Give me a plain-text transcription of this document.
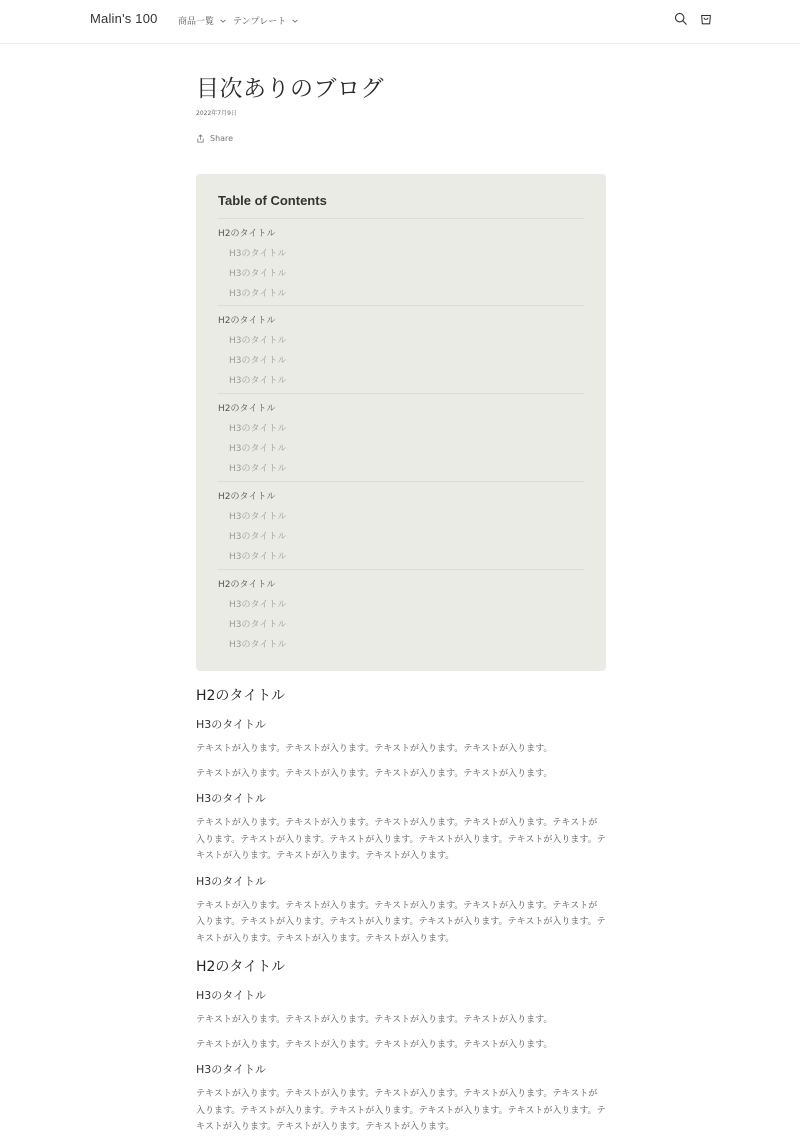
Malin's 100 商品一覧 テンプレート
目次ありのブログ
2022年7月9日
Share
Table of Contents
H2のタイトル
H3のタイトル
H3のタイトル
H3のタイトル
H2のタイトル
H3のタイトル
H3のタイトル
H3のタイトル
H2のタイトル
H3のタイトル
H3のタイトル
H3のタイトル
H2のタイトル
H3のタイトル
H3のタイトル
H3のタイトル
H2のタイトル
H3のタイトル
H3のタイトル
H3のタイトル
H2のタイトル
H3のタイトル

テキストが入ります。テキストが入ります。テキストが入ります。テキストが入ります。

テキストが入ります。テキストが入ります。テキストが入ります。テキストが入ります。

H3のタイトル

テキストが入ります。テキストが入ります。テキストが入ります。テキストが入ります。テキストが入ります。テキストが入ります。テキストが入ります。テキストが入ります。テキストが入ります。テキストが入ります。テキストが入ります。テキストが入ります。

H3のタイトル

テキストが入ります。テキストが入ります。テキストが入ります。テキストが入ります。テキストが入ります。テキストが入ります。テキストが入ります。テキストが入ります。テキストが入ります。テキストが入ります。テキストが入ります。テキストが入ります。

H2のタイトル
H3のタイトル

テキストが入ります。テキストが入ります。テキストが入ります。テキストが入ります。

テキストが入ります。テキストが入ります。テキストが入ります。テキストが入ります。

H3のタイトル

テキストが入ります。テキストが入ります。テキストが入ります。テキストが入ります。テキストが入ります。テキストが入ります。テキストが入ります。テキストが入ります。テキストが入ります。テキストが入ります。テキストが入ります。テキストが入ります。
